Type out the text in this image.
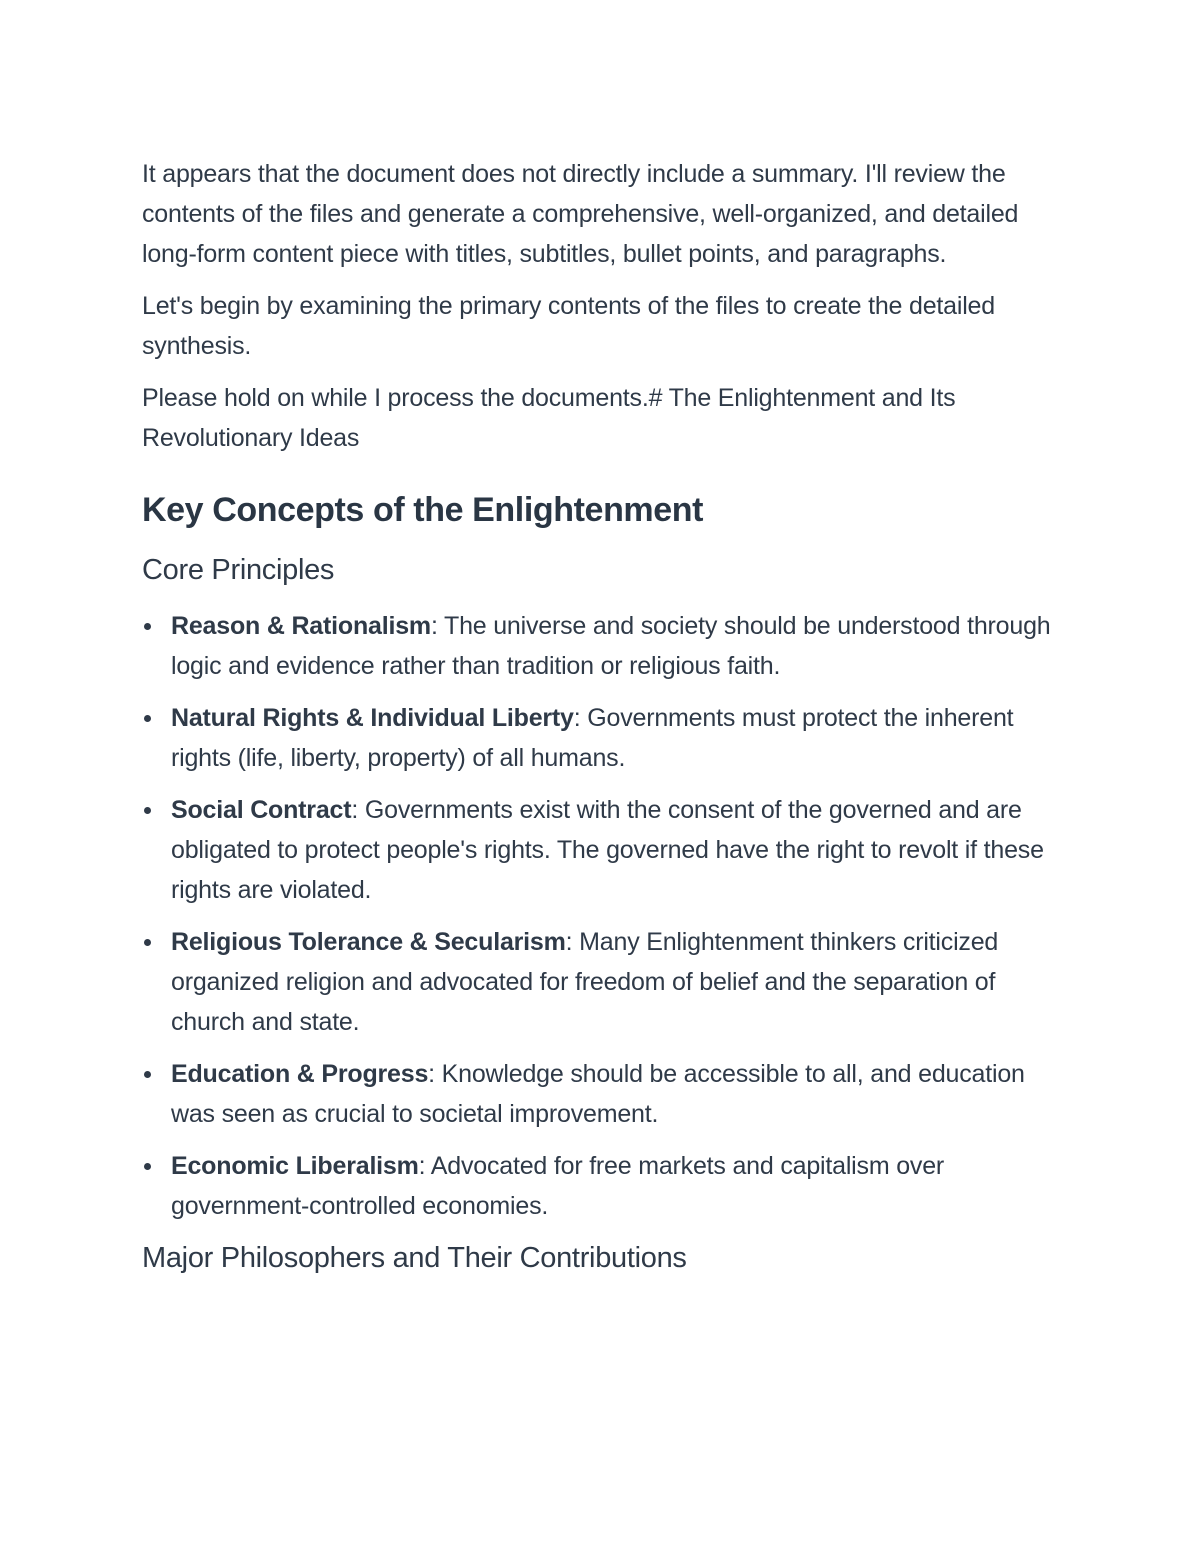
It appears that the document does not directly include a summary. I'll review the contents of the files and generate a comprehensive, well-organized, and detailed long-form content piece with titles, subtitles, bullet points, and paragraphs.

Let's begin by examining the primary contents of the files to create the detailed synthesis.

Please hold on while I process the documents.# The Enlightenment and Its Revolutionary Ideas

Key Concepts of the Enlightenment
Core Principles
Reason & Rationalism: The universe and society should be understood through logic and evidence rather than tradition or religious faith.
Natural Rights & Individual Liberty: Governments must protect the inherent rights (life, liberty, property) of all humans.
Social Contract: Governments exist with the consent of the governed and are obligated to protect people's rights. The governed have the right to revolt if these rights are violated.
Religious Tolerance & Secularism: Many Enlightenment thinkers criticized organized religion and advocated for freedom of belief and the separation of church and state.
Education & Progress: Knowledge should be accessible to all, and education was seen as crucial to societal improvement.
Economic Liberalism: Advocated for free markets and capitalism over government-controlled economies.
Major Philosophers and Their Contributions
